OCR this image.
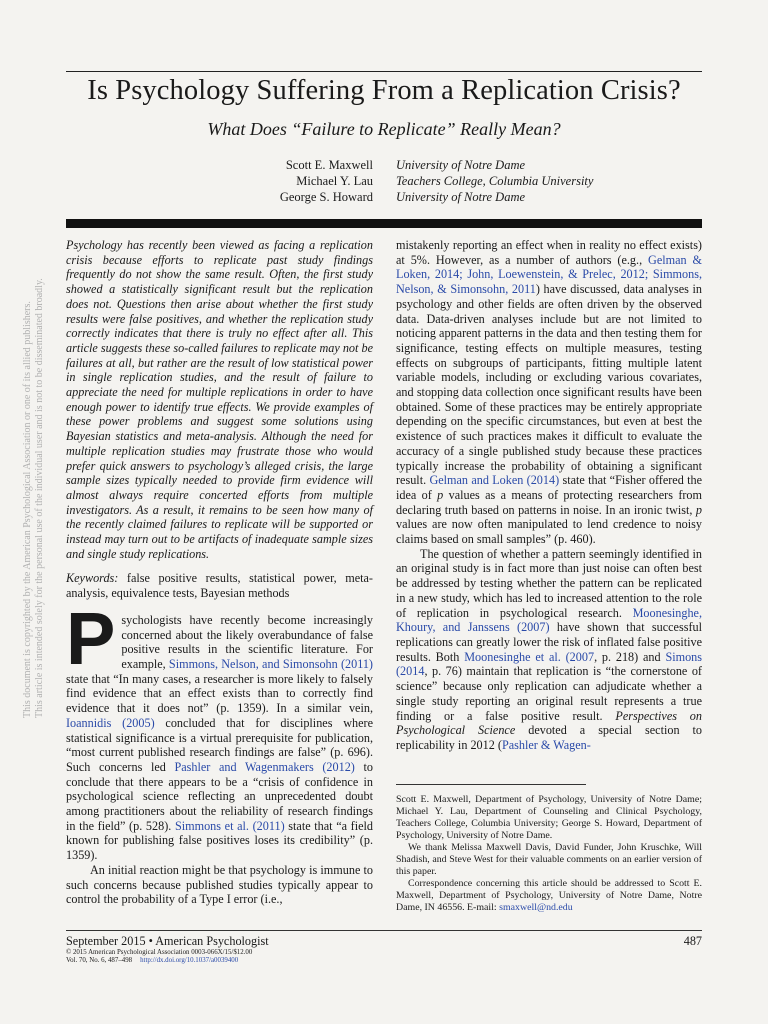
Is Psychology Suffering From a Replication Crisis?
What Does “Failure to Replicate” Really Mean?
Scott E. Maxwell
Michael Y. Lau
George S. Howard
University of Notre Dame
Teachers College, Columbia University
University of Notre Dame
This document is copyrighted by the American Psychological Association or one of its allied publishers. This article is intended solely for the personal use of the individual user and is not to be disseminated broadly.
Psychology has recently been viewed as facing a replication crisis because efforts to replicate past study findings frequently do not show the same result. Often, the first study showed a statistically significant result but the replication does not. Questions then arise about whether the first study results were false positives, and whether the replication study correctly indicates that there is truly no effect after all. This article suggests these so-called failures to replicate may not be failures at all, but rather are the result of low statistical power in single replication studies, and the result of failure to appreciate the need for multiple replications in order to have enough power to identify true effects. We provide examples of these power problems and suggest some solutions using Bayesian statistics and meta-analysis. Although the need for multiple replication studies may frustrate those who would prefer quick answers to psychology’s alleged crisis, the large sample sizes typically needed to provide firm evidence will almost always require concerted efforts from multiple investigators. As a result, it remains to be seen how many of the recently claimed failures to replicate will be supported or instead may turn out to be artifacts of inadequate sample sizes and single study replications.
Keywords: false positive results, statistical power, meta-analysis, equivalence tests, Bayesian methods

Psychologists have recently become increasingly concerned about the likely overabundance of false positive results in the scientific literature. For example, Simmons, Nelson, and Simonsohn (2011) state that “In many cases, a researcher is more likely to falsely find evidence that an effect exists than to correctly find evidence that it does not” (p. 1359). In a similar vein, Ioannidis (2005) concluded that for disciplines where statistical significance is a virtual prerequisite for publication, “most current published research findings are false” (p. 696). Such concerns led Pashler and Wagenmakers (2012) to conclude that there appears to be a “crisis of confidence in psychological science reflecting an unprecedented doubt among practitioners about the reliability of research findings in the field” (p. 528). Simmons et al. (2011) state that “a field known for publishing false positives loses its credibility” (p. 1359).

An initial reaction might be that psychology is immune to such concerns because published studies typically appear to control the probability of a Type I error (i.e.,

mistakenly reporting an effect when in reality no effect exists) at 5%. However, as a number of authors (e.g., Gelman & Loken, 2014; John, Loewenstein, & Prelec, 2012; Simmons, Nelson, & Simonsohn, 2011) have discussed, data analyses in psychology and other fields are often driven by the observed data. Data-driven analyses include but are not limited to noticing apparent patterns in the data and then testing them for significance, testing effects on multiple measures, testing effects on subgroups of participants, fitting multiple latent variable models, including or excluding various covariates, and stopping data collection once significant results have been obtained. Some of these practices may be entirely appropriate depending on the specific circumstances, but even at best the existence of such practices makes it difficult to evaluate the accuracy of a single published study because these practices typically increase the probability of obtaining a significant result. Gelman and Loken (2014) state that “Fisher offered the idea of p values as a means of protecting researchers from declaring truth based on patterns in noise. In an ironic twist, p values are now often manipulated to lend credence to noisy claims based on small samples” (p. 460).

The question of whether a pattern seemingly identified in an original study is in fact more than just noise can often best be addressed by testing whether the pattern can be replicated in a new study, which has led to increased attention to the role of replication in psychological research. Moonesinghe, Khoury, and Janssens (2007) have shown that successful replications can greatly lower the risk of inflated false positive results. Both Moonesinghe et al. (2007, p. 218) and Simons (2014, p. 76) maintain that replication is “the cornerstone of science” because only replication can adjudicate whether a single study reporting an original result represents a true finding or a false positive result. Perspectives on Psychological Science devoted a special section to replicability in 2012 (Pashler & Wagen-

Scott E. Maxwell, Department of Psychology, University of Notre Dame; Michael Y. Lau, Department of Counseling and Clinical Psychology, Teachers College, Columbia University; George S. Howard, Department of Psychology, University of Notre Dame.

We thank Melissa Maxwell Davis, David Funder, John Kruschke, Will Shadish, and Steve West for their valuable comments on an earlier version of this paper.

Correspondence concerning this article should be addressed to Scott E. Maxwell, Department of Psychology, University of Notre Dame, Notre Dame, IN 46556. E-mail: smaxwell@nd.edu

September 2015 • American Psychologist	487
© 2015 American Psychological Association 0003-066X/15/$12.00
Vol. 70, No. 6, 487–498 http://dx.doi.org/10.1037/a0039400
